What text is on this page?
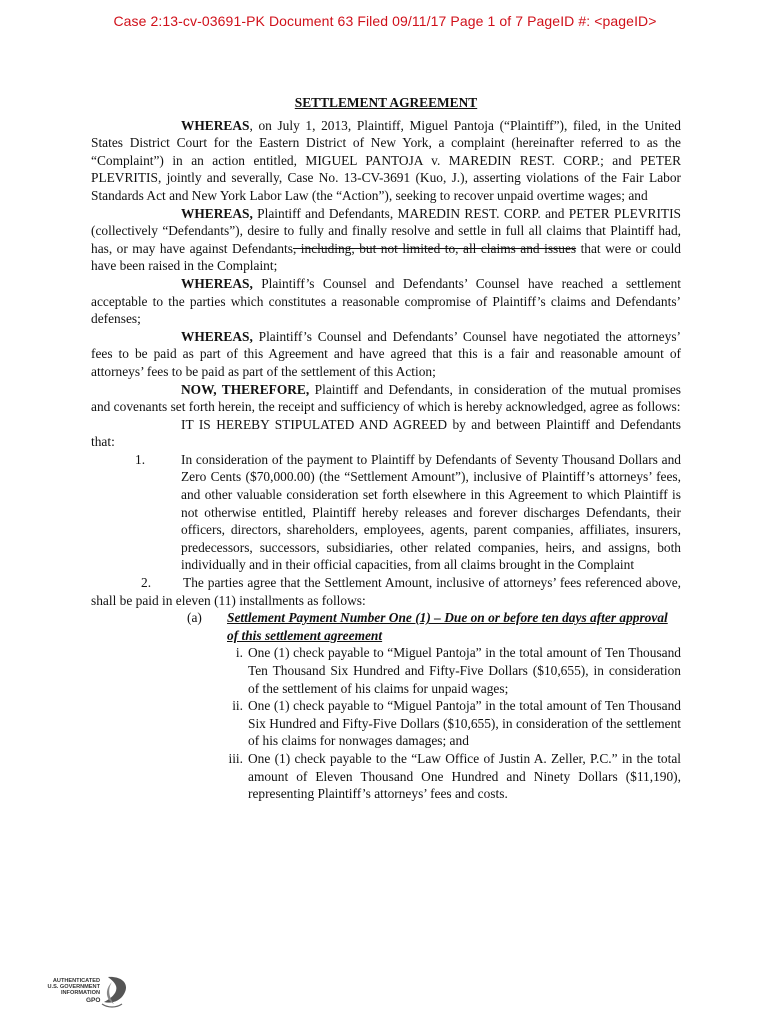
Case 2:13-cv-03691-PK Document 63 Filed 09/11/17 Page 1 of 7 PageID #: <pageID>
SETTLEMENT AGREEMENT

WHEREAS, on July 1, 2013, Plaintiff, Miguel Pantoja (“Plaintiff”), filed, in the United States District Court for the Eastern District of New York, a complaint (hereinafter referred to as the “Complaint”) in an action entitled, MIGUEL PANTOJA v. MAREDIN REST. CORP.; and PETER PLEVRITIS, jointly and severally, Case No. 13-CV-3691 (Kuo, J.), asserting violations of the Fair Labor Standards Act and New York Labor Law (the “Action”), seeking to recover unpaid overtime wages; and

WHEREAS, Plaintiff and Defendants, MAREDIN REST. CORP. and PETER PLEVRITIS (collectively “Defendants”), desire to fully and finally resolve and settle in full all claims that Plaintiff had, has, or may have against Defendants, including, but not limited to, all claims and issues that were or could have been raised in the Complaint;

WHEREAS, Plaintiff’s Counsel and Defendants’ Counsel have reached a settlement acceptable to the parties which constitutes a reasonable compromise of Plaintiff’s claims and Defendants’ defenses;

WHEREAS, Plaintiff’s Counsel and Defendants’ Counsel have negotiated the attorneys’ fees to be paid as part of this Agreement and have agreed that this is a fair and reasonable amount of attorneys’ fees to be paid as part of the settlement of this Action;

NOW, THEREFORE, Plaintiff and Defendants, in consideration of the mutual promises and covenants set forth herein, the receipt and sufficiency of which is hereby acknowledged, agree as follows:

IT IS HEREBY STIPULATED AND AGREED by and between Plaintiff and Defendants that:

1.	In consideration of the payment to Plaintiff by Defendants of Seventy Thousand Dollars and Zero Cents ($70,000.00) (the “Settlement Amount”), inclusive of Plaintiff’s attorneys’ fees, and other valuable consideration set forth elsewhere in this Agreement to which Plaintiff is not otherwise entitled, Plaintiff hereby releases and forever discharges Defendants, their officers, directors, shareholders, employees, agents, parent companies, affiliates, insurers, predecessors, successors, subsidiaries, other related companies, heirs, and assigns, both individually and in their official capacities, from all claims brought in the Complaint

2. The parties agree that the Settlement Amount, inclusive of attorneys’ fees referenced above, shall be paid in eleven (11) installments as follows:

(a) Settlement Payment Number One (1) – Due on or before ten days after approval of this settlement agreement
i. One (1) check payable to “Miguel Pantoja” in the total amount of Ten Thousand Ten Thousand Six Hundred and Fifty-Five Dollars ($10,655), in consideration of the settlement of his claims for unpaid wages;
ii. One (1) check payable to “Miguel Pantoja” in the total amount of Ten Thousand Six Hundred and Fifty-Five Dollars ($10,655), in consideration of the settlement of his claims for nonwages damages; and
iii. One (1) check payable to the “Law Office of Justin A. Zeller, P.C.” in the total amount of Eleven Thousand One Hundred and Ninety Dollars ($11,190), representing Plaintiff’s attorneys’ fees and costs.
AUTHENTICATED
U.S. GOVERNMENT
INFORMATION
GPO
